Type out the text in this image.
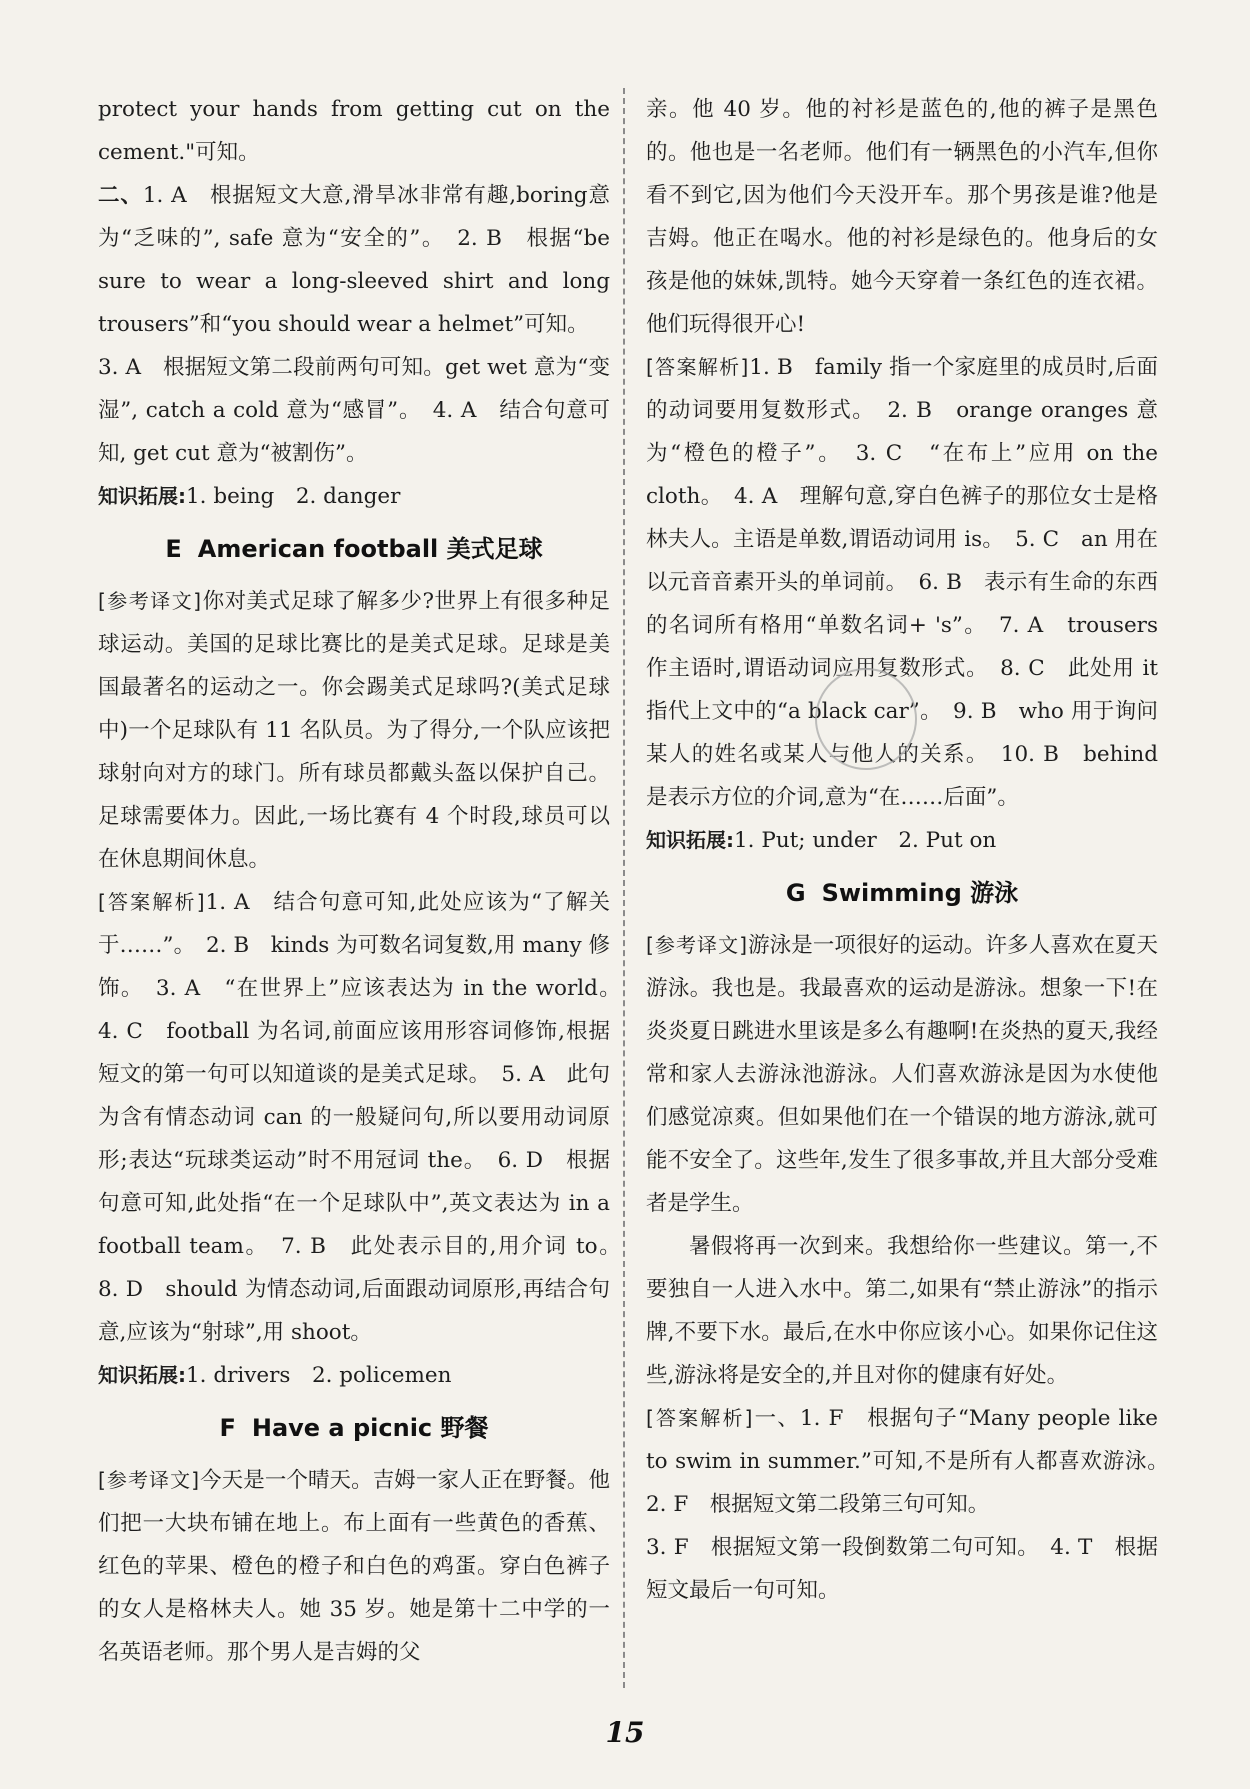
protect your hands from getting cut on the cement."可知。

二、1. A　根据短文大意,滑旱冰非常有趣,boring意为“乏味的”, safe 意为“安全的”。　2. B　根据“be sure to wear a long-sleeved shirt and long trousers”和“you should wear a helmet”可知。

3. A　根据短文第二段前两句可知。get wet 意为“变湿”, catch a cold 意为“感冒”。　4. A　结合句意可知, get cut 意为“被割伤”。

知识拓展:1. being　2. danger

E American football 美式足球

[参考译文]你对美式足球了解多少?世界上有很多种足球运动。美国的足球比赛比的是美式足球。足球是美国最著名的运动之一。你会踢美式足球吗?(美式足球中)一个足球队有 11 名队员。为了得分,一个队应该把球射向对方的球门。所有球员都戴头盔以保护自己。足球需要体力。因此,一场比赛有 4 个时段,球员可以在休息期间休息。

[答案解析]1. A　结合句意可知,此处应该为“了解关于……”。　2. B　kinds 为可数名词复数,用 many 修饰。　3. A　“在世界上”应该表达为 in the world。　4. C　football 为名词,前面应该用形容词修饰,根据短文的第一句可以知道谈的是美式足球。　5. A　此句为含有情态动词 can 的一般疑问句,所以要用动词原形;表达“玩球类运动”时不用冠词 the。　6. D　根据句意可知,此处指“在一个足球队中”,英文表达为 in a football team。　7. B　此处表示目的,用介词 to。　8. D　should 为情态动词,后面跟动词原形,再结合句意,应该为“射球”,用 shoot。

知识拓展:1. drivers　2. policemen

F Have a picnic 野餐

[参考译文]今天是一个晴天。吉姆一家人正在野餐。他们把一大块布铺在地上。布上面有一些黄色的香蕉、红色的苹果、橙色的橙子和白色的鸡蛋。穿白色裤子的女人是格林夫人。她 35 岁。她是第十二中学的一名英语老师。那个男人是吉姆的父

亲。他 40 岁。他的衬衫是蓝色的,他的裤子是黑色的。他也是一名老师。他们有一辆黑色的小汽车,但你看不到它,因为他们今天没开车。那个男孩是谁?他是吉姆。他正在喝水。他的衬衫是绿色的。他身后的女孩是他的妹妹,凯特。她今天穿着一条红色的连衣裙。他们玩得很开心!

[答案解析]1. B　family 指一个家庭里的成员时,后面的动词要用复数形式。　2. B　orange oranges 意为“橙色的橙子”。　3. C　“在布上”应用 on the cloth。　4. A　理解句意,穿白色裤子的那位女士是格林夫人。主语是单数,谓语动词用 is。　5. C　an 用在以元音音素开头的单词前。　6. B　表示有生命的东西的名词所有格用“单数名词+ 's”。　7. A　trousers 作主语时,谓语动词应用复数形式。　8. C　此处用 it 指代上文中的“a black car”。　9. B　who 用于询问某人的姓名或某人与他人的关系。　10. B　behind 是表示方位的介词,意为“在……后面”。

知识拓展:1. Put; under　2. Put on

G Swimming 游泳

[参考译文]游泳是一项很好的运动。许多人喜欢在夏天游泳。我也是。我最喜欢的运动是游泳。想象一下!在炎炎夏日跳进水里该是多么有趣啊!在炎热的夏天,我经常和家人去游泳池游泳。人们喜欢游泳是因为水使他们感觉凉爽。但如果他们在一个错误的地方游泳,就可能不安全了。这些年,发生了很多事故,并且大部分受难者是学生。

暑假将再一次到来。我想给你一些建议。第一,不要独自一人进入水中。第二,如果有“禁止游泳”的指示牌,不要下水。最后,在水中你应该小心。如果你记住这些,游泳将是安全的,并且对你的健康有好处。

[答案解析]一、1. F　根据句子“Many people like to swim in summer.”可知,不是所有人都喜欢游泳。　2. F　根据短文第二段第三句可知。

3. F　根据短文第一段倒数第二句可知。　4. T　根据短文最后一句可知。

15
